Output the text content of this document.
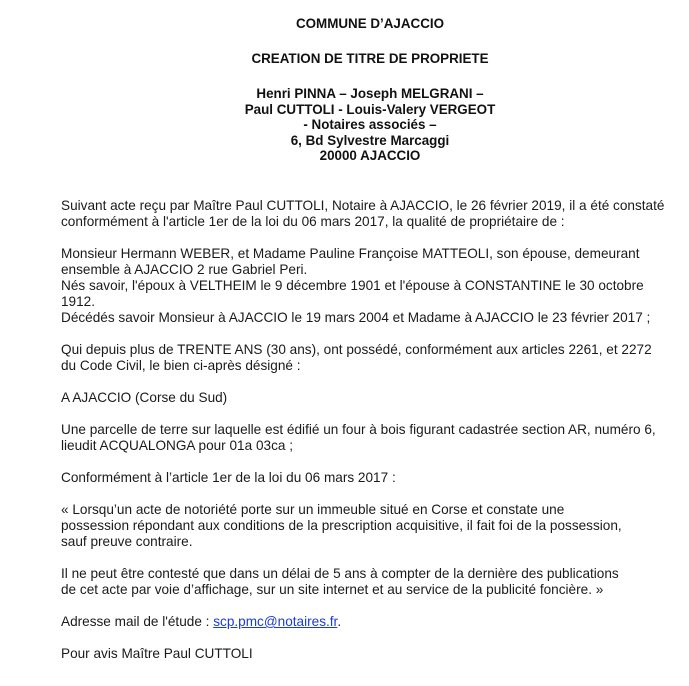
COMMUNE D’AJACCIO
CREATION DE TITRE DE PROPRIETE
Henri PINNA – Joseph MELGRANI –
Paul CUTTOLI - Louis-Valery VERGEOT
- Notaires associés –
6, Bd Sylvestre Marcaggi
20000 AJACCIO

Suivant acte reçu par Maître Paul CUTTOLI, Notaire à AJACCIO, le 26 février 2019, il a été constaté
conformément à l'article 1er de la loi du 06 mars 2017, la qualité de propriétaire de :

Monsieur Hermann WEBER, et Madame Pauline Françoise MATTEOLI, son épouse, demeurant
ensemble à AJACCIO 2 rue Gabriel Peri.
Nés savoir, l'époux à VELTHEIM le 9 décembre 1901 et l'épouse à CONSTANTINE le 30 octobre
1912.
Décédés savoir Monsieur à AJACCIO le 19 mars 2004 et Madame à AJACCIO le 23 février 2017 ;

Qui depuis plus de TRENTE ANS (30 ans), ont possédé, conformément aux articles 2261, et 2272
du Code Civil, le bien ci-après désigné :

A AJACCIO (Corse du Sud)

Une parcelle de terre sur laquelle est édifié un four à bois figurant cadastrée section AR, numéro 6,
lieudit ACQUALONGA pour 01a 03ca ;

Conformément à l’article 1er de la loi du 06 mars 2017 :

« Lorsqu’un acte de notoriété porte sur un immeuble situé en Corse et constate une
possession répondant aux conditions de la prescription acquisitive, il fait foi de la possession,
sauf preuve contraire.

Il ne peut être contesté que dans un délai de 5 ans à compter de la dernière des publications
de cet acte par voie d’affichage, sur un site internet et au service de la publicité foncière. »

Adresse mail de l'étude : scp.pmc@notaires.fr.

Pour avis Maître Paul CUTTOLI
